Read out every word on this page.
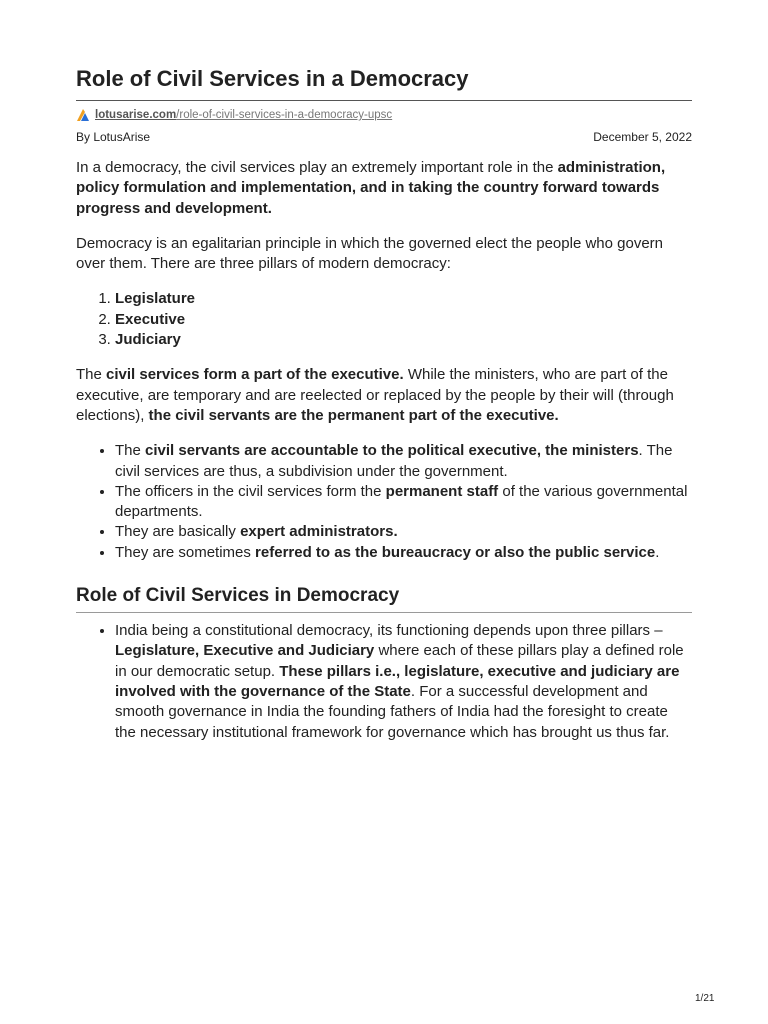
Role of Civil Services in a Democracy
lotusarise.com /role-of-civil-services-in-a-democracy-upsc
By LotusArise	December 5, 2022

In a democracy, the civil services play an extremely important role in the administration, policy formulation and implementation, and in taking the country forward towards progress and development.

Democracy is an egalitarian principle in which the governed elect the people who govern over them. There are three pillars of modern democracy:

1. Legislature
2. Executive
3. Judiciary

The civil services form a part of the executive. While the ministers, who are part of the executive, are temporary and are reelected or replaced by the people by their will (through elections), the civil servants are the permanent part of the executive.

• The civil servants are accountable to the political executive, the ministers. The civil services are thus, a subdivision under the government.
• The officers in the civil services form the permanent staff of the various governmental departments.
• They are basically expert administrators.
• They are sometimes referred to as the bureaucracy or also the public service.
Role of Civil Services in Democracy
• India being a constitutional democracy, its functioning depends upon three pillars – Legislature, Executive and Judiciary where each of these pillars play a defined role in our democratic setup. These pillars i.e., legislature, executive and judiciary are involved with the governance of the State. For a successful development and smooth governance in India the founding fathers of India had the foresight to create the necessary institutional framework for governance which has brought us thus far.
1/21
